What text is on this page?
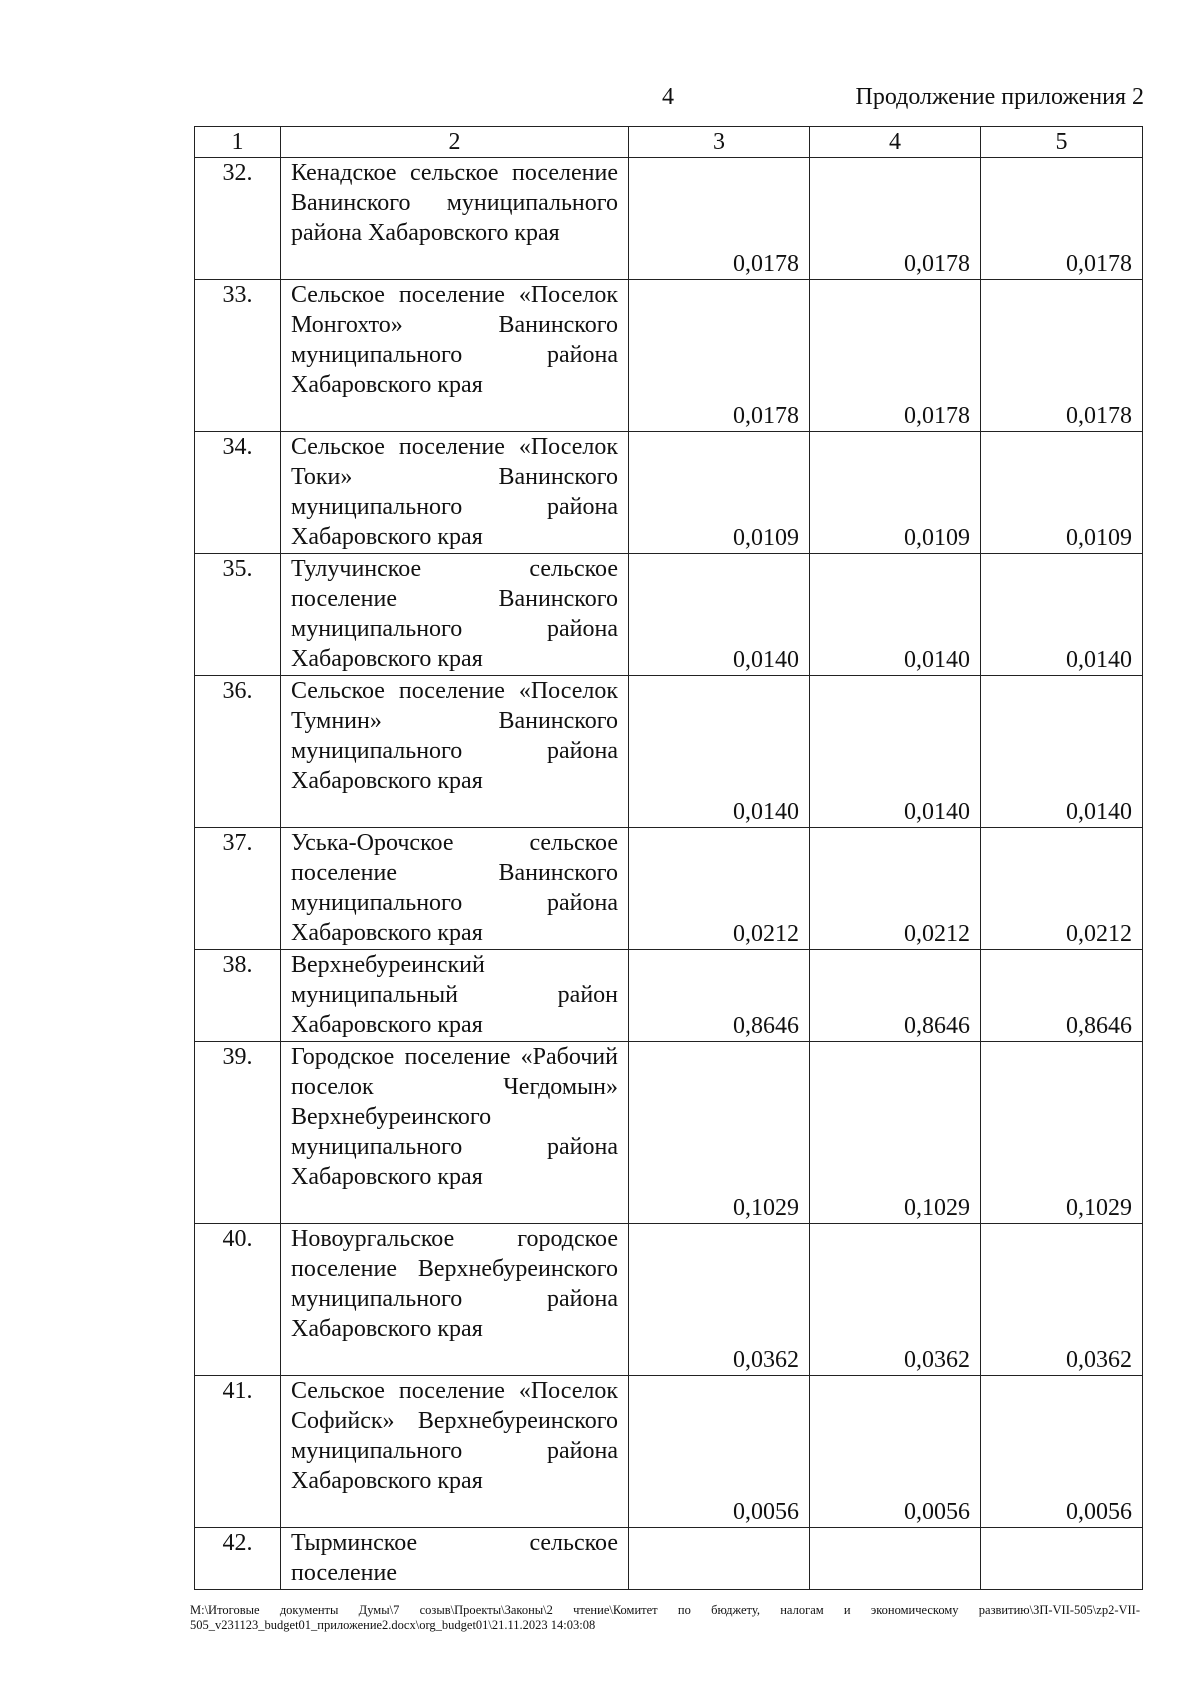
4	Продолжение приложения 2
1	2	3	4	5
32.	Кенадское сельское поселение Ванинского муниципального района Хабаровского края	0,0178	0,0178	0,0178
33.	Сельское поселение «Поселок Монгохто» Ванинского муниципального района Хабаровского края	0,0178	0,0178	0,0178
34.	Сельское поселение «Поселок Токи» Ванинского муниципального района Хабаровского края	0,0109	0,0109	0,0109
35.	Тулучинское сельское поселение Ванинского муниципального района Хабаровского края	0,0140	0,0140	0,0140
36.	Сельское поселение «Поселок Тумнин» Ванинского муниципального района Хабаровского края	0,0140	0,0140	0,0140
37.	Уська-Орочское сельское поселение Ванинского муниципального района Хабаровского края	0,0212	0,0212	0,0212
38.	Верхнебуреинский муниципальный район Хабаровского края	0,8646	0,8646	0,8646
39.	Городское поселение «Рабочий поселок Чегдомын» Верхнебуреинского муниципального района Хабаровского края	0,1029	0,1029	0,1029
40.	Новоургальское городское поселение Верхнебуреинского муниципального района Хабаровского края	0,0362	0,0362	0,0362
41.	Сельское поселение «Поселок Софийск» Верхнебуреинского муниципального района Хабаровского края	0,0056	0,0056	0,0056
42.	Тырминское сельское поселение			
M:\Итоговые документы Думы\7 созыв\Проекты\Законы\2 чтение\Комитет по бюджету, налогам и экономическому развитию\ЗП-VII-505\zp2-VII-505_v231123_budget01_приложение2.docx\org_budget01\21.11.2023 14:03:08
